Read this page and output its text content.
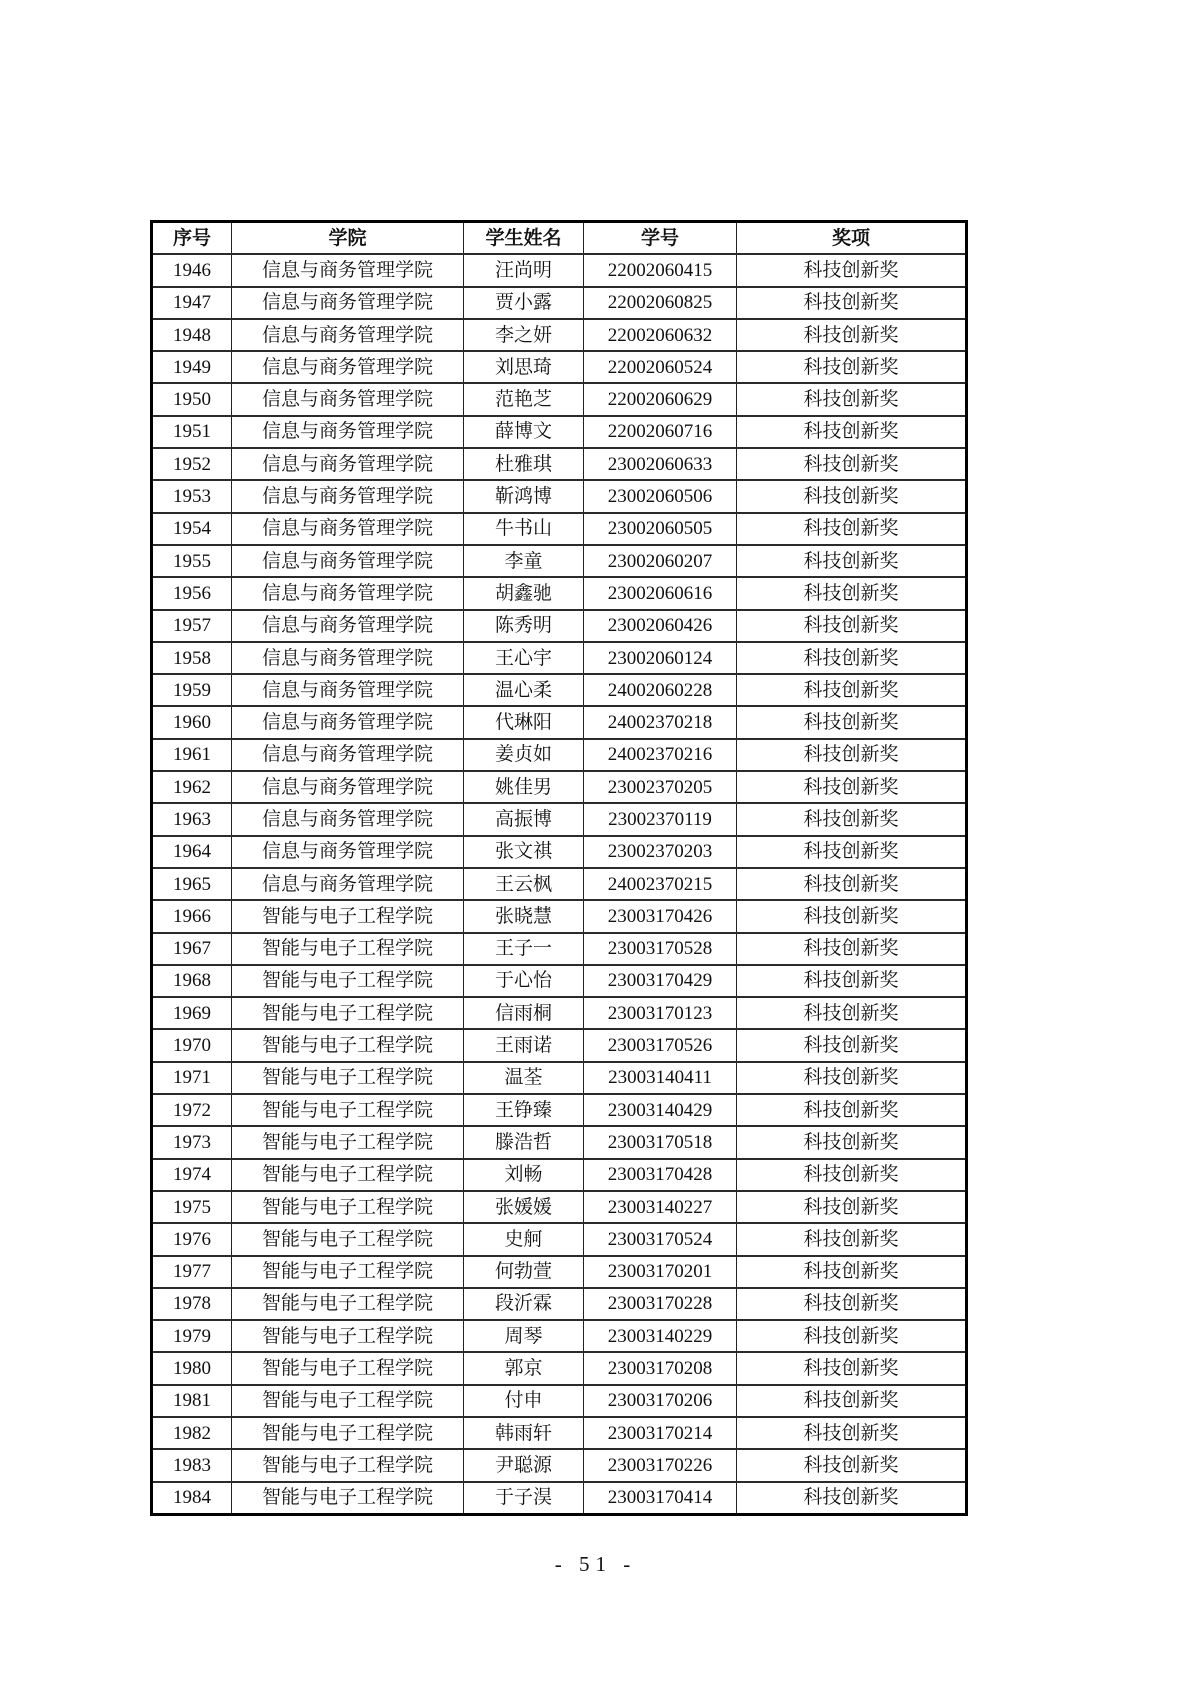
序号	学院	学生姓名	学号	奖项
1946	信息与商务管理学院	汪尚明	22002060415	科技创新奖
1947	信息与商务管理学院	贾小露	22002060825	科技创新奖
1948	信息与商务管理学院	李之妍	22002060632	科技创新奖
1949	信息与商务管理学院	刘思琦	22002060524	科技创新奖
1950	信息与商务管理学院	范艳芝	22002060629	科技创新奖
1951	信息与商务管理学院	薛博文	22002060716	科技创新奖
1952	信息与商务管理学院	杜雅琪	23002060633	科技创新奖
1953	信息与商务管理学院	靳鸿博	23002060506	科技创新奖
1954	信息与商务管理学院	牛书山	23002060505	科技创新奖
1955	信息与商务管理学院	李童	23002060207	科技创新奖
1956	信息与商务管理学院	胡鑫驰	23002060616	科技创新奖
1957	信息与商务管理学院	陈秀明	23002060426	科技创新奖
1958	信息与商务管理学院	王心宇	23002060124	科技创新奖
1959	信息与商务管理学院	温心柔	24002060228	科技创新奖
1960	信息与商务管理学院	代琳阳	24002370218	科技创新奖
1961	信息与商务管理学院	姜贞如	24002370216	科技创新奖
1962	信息与商务管理学院	姚佳男	23002370205	科技创新奖
1963	信息与商务管理学院	高振博	23002370119	科技创新奖
1964	信息与商务管理学院	张文祺	23002370203	科技创新奖
1965	信息与商务管理学院	王云枫	24002370215	科技创新奖
1966	智能与电子工程学院	张晓慧	23003170426	科技创新奖
1967	智能与电子工程学院	王子一	23003170528	科技创新奖
1968	智能与电子工程学院	于心怡	23003170429	科技创新奖
1969	智能与电子工程学院	信雨桐	23003170123	科技创新奖
1970	智能与电子工程学院	王雨诺	23003170526	科技创新奖
1971	智能与电子工程学院	温荃	23003140411	科技创新奖
1972	智能与电子工程学院	王铮臻	23003140429	科技创新奖
1973	智能与电子工程学院	滕浩哲	23003170518	科技创新奖
1974	智能与电子工程学院	刘畅	23003170428	科技创新奖
1975	智能与电子工程学院	张媛媛	23003140227	科技创新奖
1976	智能与电子工程学院	史舸	23003170524	科技创新奖
1977	智能与电子工程学院	何勃萱	23003170201	科技创新奖
1978	智能与电子工程学院	段沂霖	23003170228	科技创新奖
1979	智能与电子工程学院	周琴	23003140229	科技创新奖
1980	智能与电子工程学院	郭京	23003170208	科技创新奖
1981	智能与电子工程学院	付申	23003170206	科技创新奖
1982	智能与电子工程学院	韩雨轩	23003170214	科技创新奖
1983	智能与电子工程学院	尹聪源	23003170226	科技创新奖
1984	智能与电子工程学院	于子淏	23003170414	科技创新奖
- 51 -
